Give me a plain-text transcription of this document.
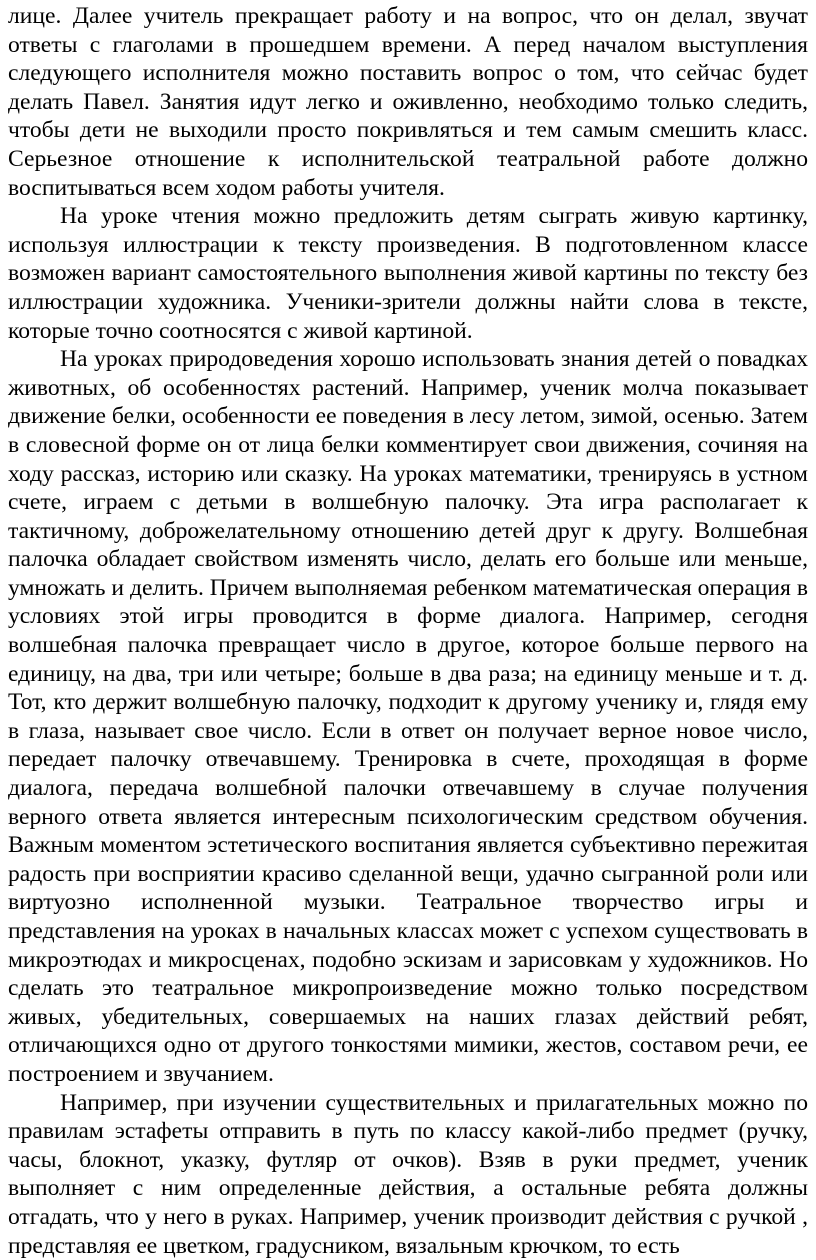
лице. Далее учитель прекращает работу и на вопрос, что он делал, звучат ответы с глаголами в прошедшем времени. А перед началом выступления следующего исполнителя можно поставить вопрос о том, что сейчас будет делать Павел. Занятия идут легко и оживленно, необходимо только следить, чтобы дети не выходили просто покривляться и тем самым смешить класс. Серьезное отношение к исполнительской театральной работе должно воспитываться всем ходом работы учителя.

На уроке чтения можно предложить детям сыграть живую картинку, используя иллюстрации к тексту произведения. В подготовленном классе возможен вариант самостоятельного выполнения живой картины по тексту без иллюстрации художника. Ученики-зрители должны найти слова в тексте, которые точно соотносятся с живой картиной.

На уроках природоведения хорошо использовать знания детей о повадках животных, об особенностях растений. Например, ученик молча показывает движение белки, особенности ее поведения в лесу летом, зимой, осенью. Затем в словесной форме он от лица белки комментирует свои движения, сочиняя на ходу рассказ, историю или сказку. На уроках математики, тренируясь в устном счете, играем с детьми в волшебную палочку. Эта игра располагает к тактичному, доброжелательному отношению детей друг к другу. Волшебная палочка обладает свойством изменять число, делать его больше или меньше, умножать и делить. Причем выполняемая ребенком математическая операция в условиях этой игры проводится в форме диалога. Например, сегодня волшебная палочка превращает число в другое, которое больше первого на единицу, на два, три или четыре; больше в два раза; на единицу меньше и т. д. Тот, кто держит волшебную палочку, подходит к другому ученику и, глядя ему в глаза, называет свое число. Если в ответ он получает верное новое число, передает палочку отвечавшему. Тренировка в счете, проходящая в форме диалога, передача волшебной палочки отвечавшему в случае получения верного ответа является интересным психологическим средством обучения. Важным моментом эстетического воспитания является субъективно пережитая радость при восприятии красиво сделанной вещи, удачно сыгранной роли или виртуозно исполненной музыки. Театральное творчество игры и представления на уроках в начальных классах может с успехом существовать в микроэтюдах и микросценах, подобно эскизам и зарисовкам у художников. Но сделать это театральное микропроизведение можно только посредством живых, убедительных, совершаемых на наших глазах действий ребят, отличающихся одно от другого тонкостями мимики, жестов, составом речи, ее построением и звучанием.

Например, при изучении существительных и прилагательных можно по правилам эстафеты отправить в путь по классу какой-либо предмет (ручку, часы, блокнот, указку, футляр от очков). Взяв в руки предмет, ученик выполняет с ним определенные действия, а остальные ребята должны отгадать, что у него в руках. Например, ученик производит действия с ручкой , представляя ее цветком, градусником, вязальным крючком, то есть
